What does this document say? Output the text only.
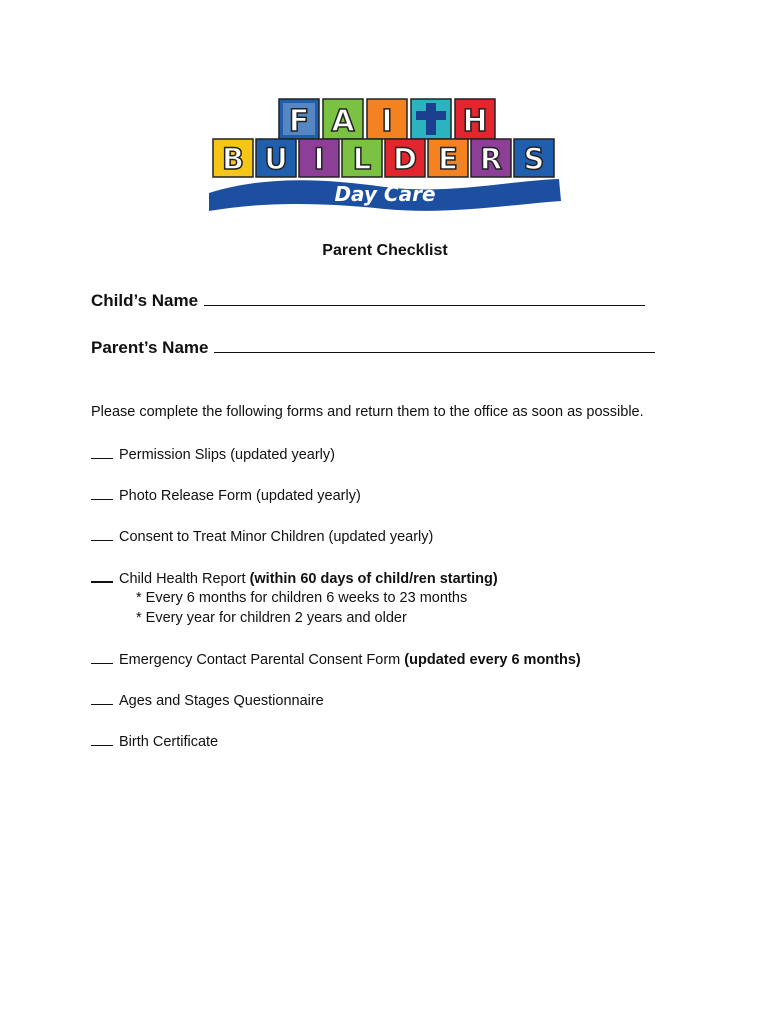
F A I H
B U I L D E R S
Day Care
Parent Checklist
Child’s Name
Parent’s Name
Please complete the following forms and return them to the office as soon as possible.
Permission Slips (updated yearly)
Photo Release Form (updated yearly)
Consent to Treat Minor Children (updated yearly)
Child Health Report (within 60 days of child/ren starting)
* Every 6 months for children 6 weeks to 23 months
* Every year for children 2 years and older
Emergency Contact Parental Consent Form (updated every 6 months)
Ages and Stages Questionnaire
Birth Certificate
